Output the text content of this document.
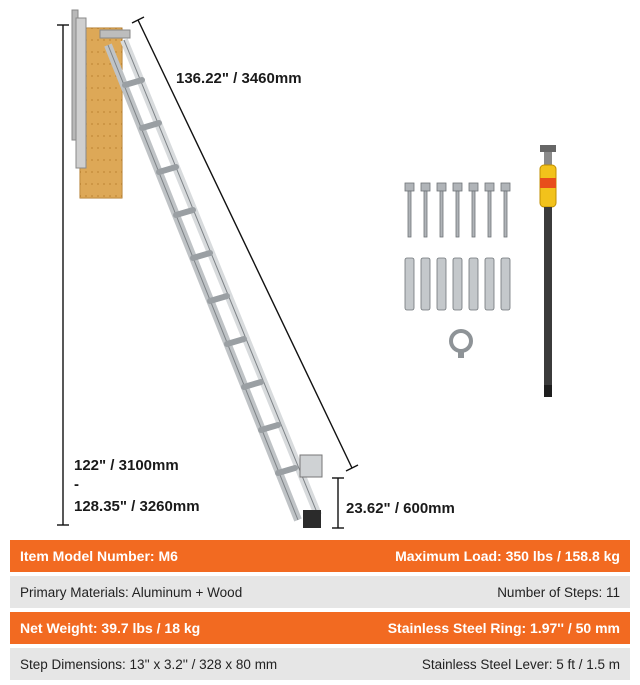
136.22" / 3460mm
122" / 3100mm
-
128.35" / 3260mm	23.62" / 600mm
Item Model Number: M6	Maximum Load: 350 lbs / 158.8 kg
Primary Materials: Aluminum + Wood	Number of Steps: 11
Net Weight: 39.7 lbs / 18 kg	Stainless Steel Ring: 1.97'' / 50 mm
Step Dimensions: 13'' x 3.2'' / 328 x 80 mm	Stainless Steel Lever: 5 ft / 1.5 m
